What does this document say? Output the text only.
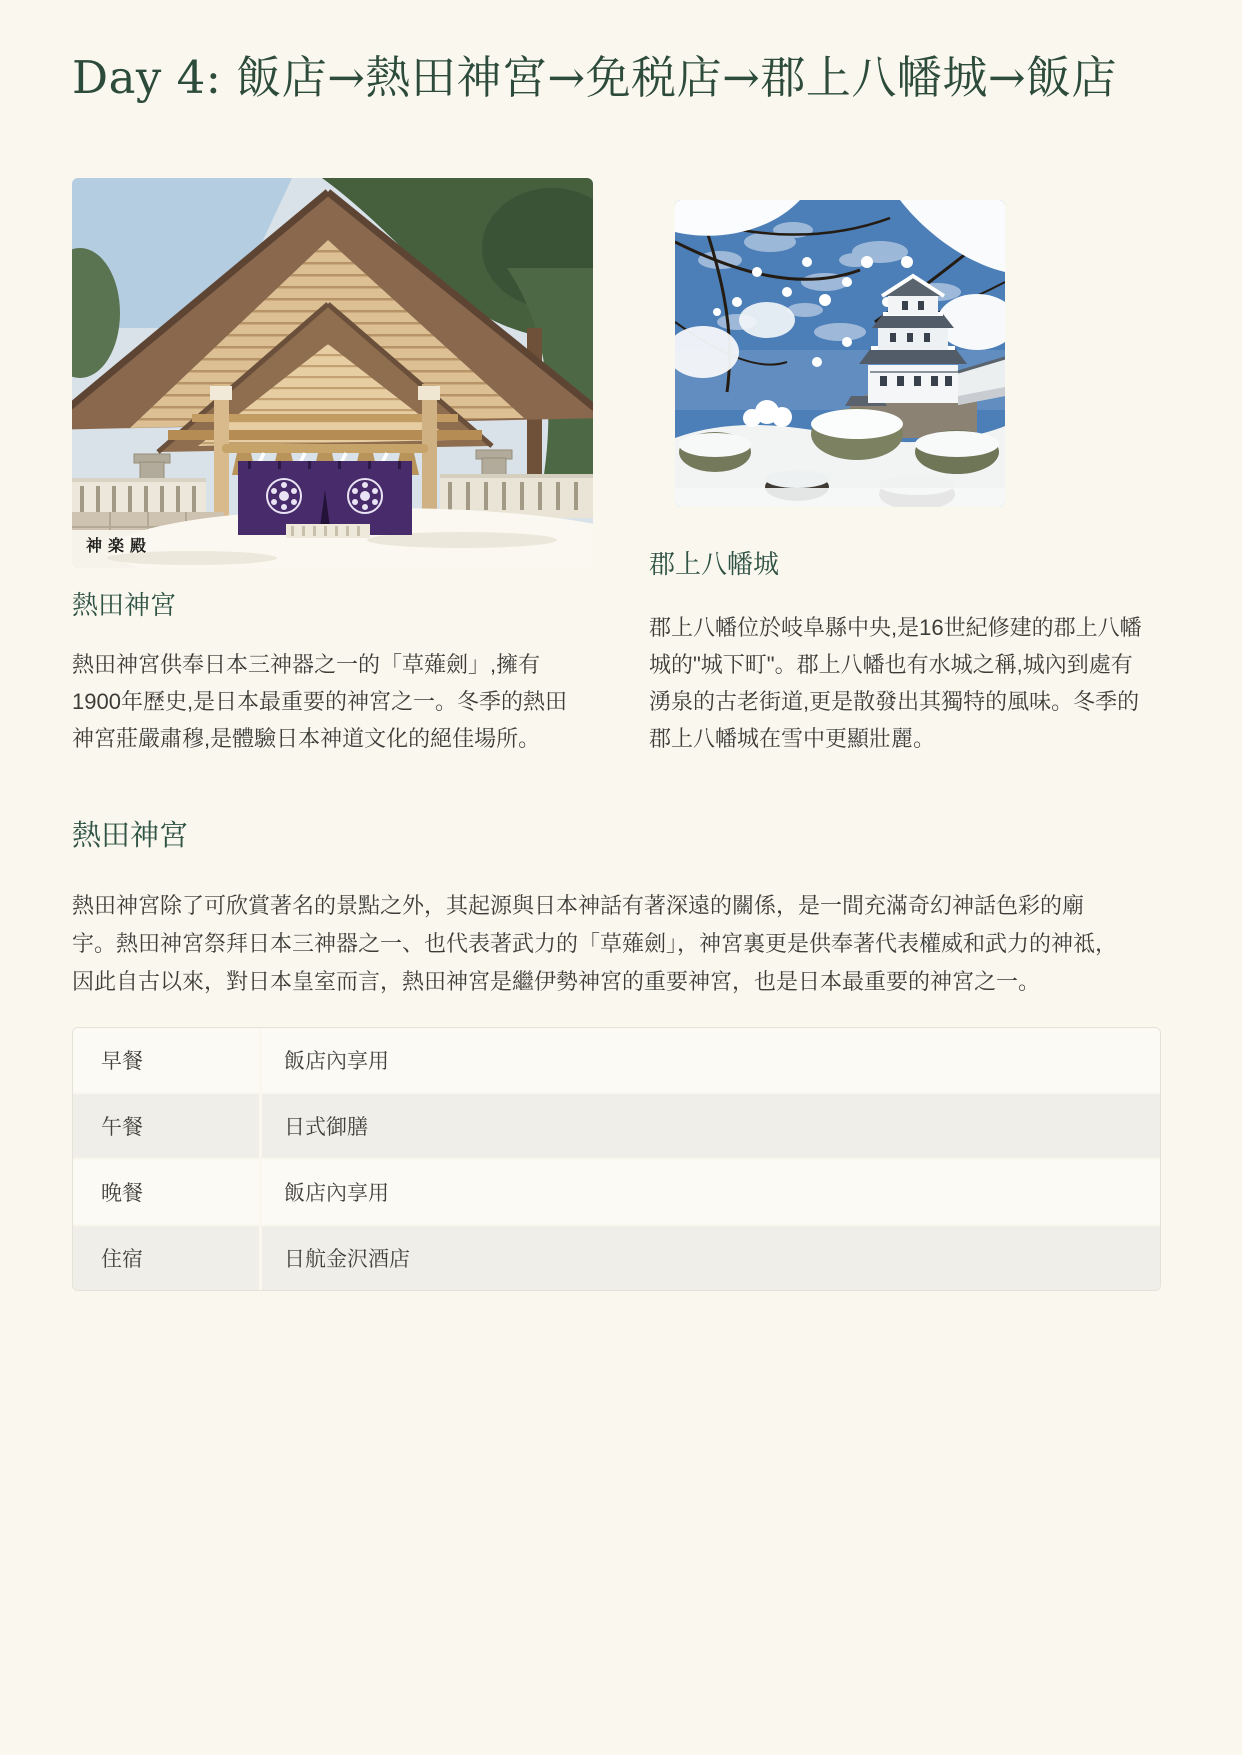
Day 4: 飯店→熱田神宮→免税店→郡上八幡城→飯店
神楽殿
熱田神宮
熱田神宮供奉日本三神器之一的「草薙劍」,擁有
1900年歷史,是日本最重要的神宮之一。冬季的熱田
神宮莊嚴肅穆,是體驗日本神道文化的絕佳場所。
郡上八幡城
郡上八幡位於岐阜縣中央,是16世紀修建的郡上八幡
城的"城下町"。郡上八幡也有水城之稱,城內到處有
湧泉的古老街道,更是散發出其獨特的風味。冬季的
郡上八幡城在雪中更顯壯麗。
熱田神宮
熱田神宮除了可欣賞著名的景點之外，其起源與日本神話有著深遠的關係，是一間充滿奇幻神話色彩的廟
宇。熱田神宮祭拜日本三神器之一、也代表著武力的「草薙劍」，神宮裏更是供奉著代表權威和武力的神祗，
因此自古以來，對日本皇室而言，熱田神宮是繼伊勢神宮的重要神宮，也是日本最重要的神宮之一。
早餐	飯店內享用
午餐	日式御膳
晚餐	飯店內享用
住宿	日航金沢酒店
